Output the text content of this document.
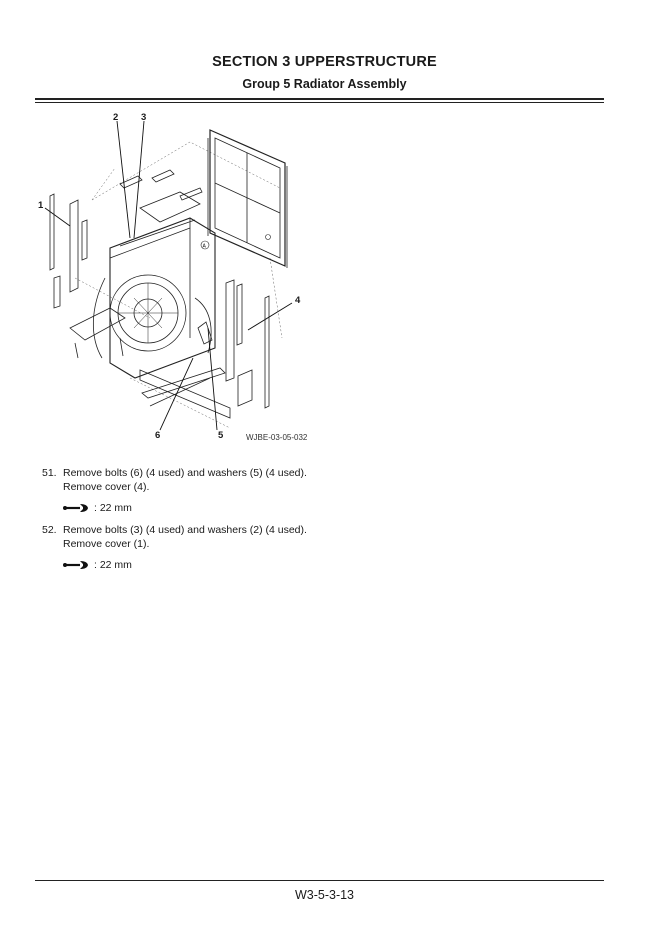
SECTION 3 UPPERSTRUCTURE
Group 5 Radiator Assembly
A
2 3
1
4
5
6	WJBE-03-05-032
51. Remove bolts (6) (4 used) and washers (5) (4 used).
Remove cover (4).
: 22 mm
52. Remove bolts (3) (4 used) and washers (2) (4 used).
Remove cover (1).
: 22 mm
W3-5-3-13
